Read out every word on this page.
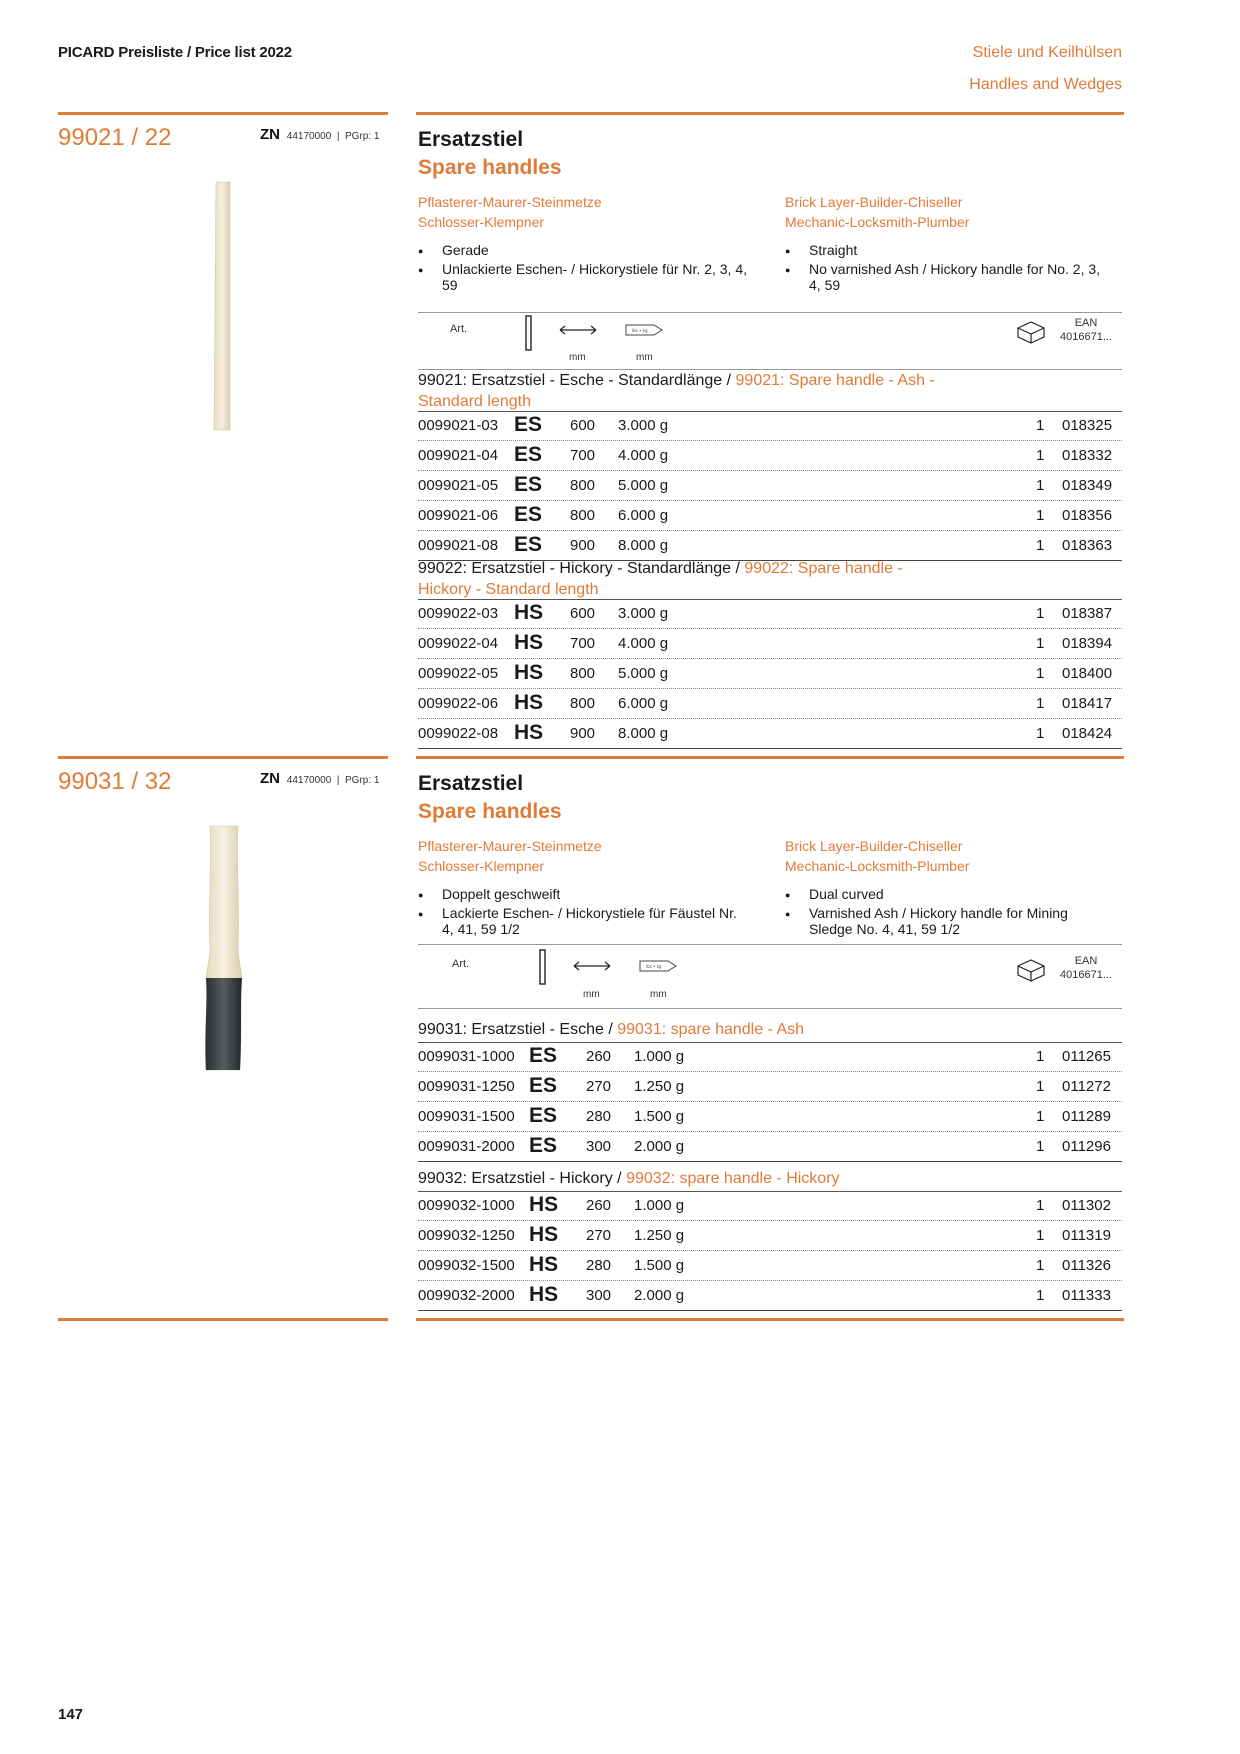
PICARD Preisliste / Price list 2022	Stiele und Keilhülsen
Handles and Wedges
99021 / 22	ZN 44170000  |  PGrp: 1 Ersatzstiel
Spare handles
Pflasterer-Maurer-Steinmetze
Schlosser-Klempner
Brick Layer-Builder-Chiseller
Mechanic-Locksmith-Plumber
● Gerade
● Unlackierte Eschen- / Hickorystiele für Nr. 2, 3, 4, 59
● Straight
● No varnished Ash / Hickory handle for No. 2, 3, 4, 59
Art.	lbs • kg
mm	mm
EAN
4016671...
99021: Ersatzstiel - Esche - Standardlänge / 99021: Spare handle - Ash - Standard length
0099021-03 ES 600 3.000 g	1 018325
0099021-04 ES 700 4.000 g	1 018332
0099021-05 ES 800 5.000 g	1 018349
0099021-06 ES 800 6.000 g	1 018356
0099021-08 ES 900 8.000 g	1 018363
99022: Ersatzstiel - Hickory - Standardlänge / 99022: Spare handle - Hickory - Standard length
0099022-03 HS 600 3.000 g	1 018387
0099022-04 HS 700 4.000 g	1 018394
0099022-05 HS 800 5.000 g	1 018400
0099022-06 HS 800 6.000 g	1 018417
0099022-08 HS 900 8.000 g	1 018424
99031 / 32	ZN 44170000  |  PGrp: 1 Ersatzstiel
Spare handles
Pflasterer-Maurer-Steinmetze
Schlosser-Klempner
Brick Layer-Builder-Chiseller
Mechanic-Locksmith-Plumber
● Doppelt geschweift
● Lackierte Eschen- / Hickorystiele für Fäustel Nr. 4, 41, 59 1/2
● Dual curved
● Varnished Ash / Hickory handle for Mining Sledge No. 4, 41, 59 1/2
Art.	lbs • kg
mm	mm
EAN
4016671...
99031: Ersatzstiel - Esche / 99031: spare handle - Ash
0099031-1000 ES 260 1.000 g	1 011265
0099031-1250 ES 270 1.250 g	1 011272
0099031-1500 ES 280 1.500 g	1 011289
0099031-2000 ES 300 2.000 g	1 011296
99032: Ersatzstiel - Hickory / 99032: spare handle - Hickory
0099032-1000 HS 260 1.000 g	1 011302
0099032-1250 HS 270 1.250 g	1 011319
0099032-1500 HS 280 1.500 g	1 011326
0099032-2000 HS 300 2.000 g	1 011333
147
